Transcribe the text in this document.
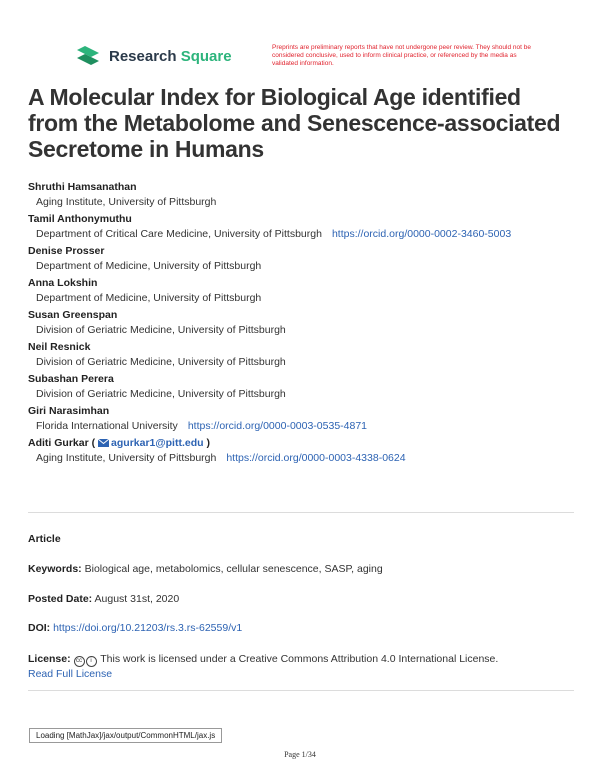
Research Square	Preprints are preliminary reports that have not undergone peer review. They should not be considered conclusive, used to inform clinical practice, or referenced by the media as validated information.
A Molecular Index for Biological Age identified from the Metabolome and Senescence-associated Secretome in Humans
Shruthi Hamsanathan
Aging Institute, University of Pittsburgh
Tamil Anthonymuthu
Department of Critical Care Medicine, University of Pittsburgh https://orcid.org/0000-0002-3460-5003
Denise Prosser
Department of Medicine, University of Pittsburgh
Anna Lokshin
Department of Medicine, University of Pittsburgh
Susan Greenspan
Division of Geriatric Medicine, University of Pittsburgh
Neil Resnick
Division of Geriatric Medicine, University of Pittsburgh
Subashan Perera
Division of Geriatric Medicine, University of Pittsburgh
Giri Narasimhan
Florida International University https://orcid.org/0000-0003-0535-4871
Aditi Gurkar ( agurkar1@pitt.edu )
Aging Institute, University of Pittsburgh https://orcid.org/0000-0003-4338-0624
Article
Keywords: Biological age, metabolomics, cellular senescence, SASP, aging
Posted Date: August 31st, 2020
DOI: https://doi.org/10.21203/rs.3.rs-62559/v1
License: cc i This work is licensed under a Creative Commons Attribution 4.0 International License.
Read Full License
Loading [MathJax]/jax/output/CommonHTML/jax.js
Page 1/34
